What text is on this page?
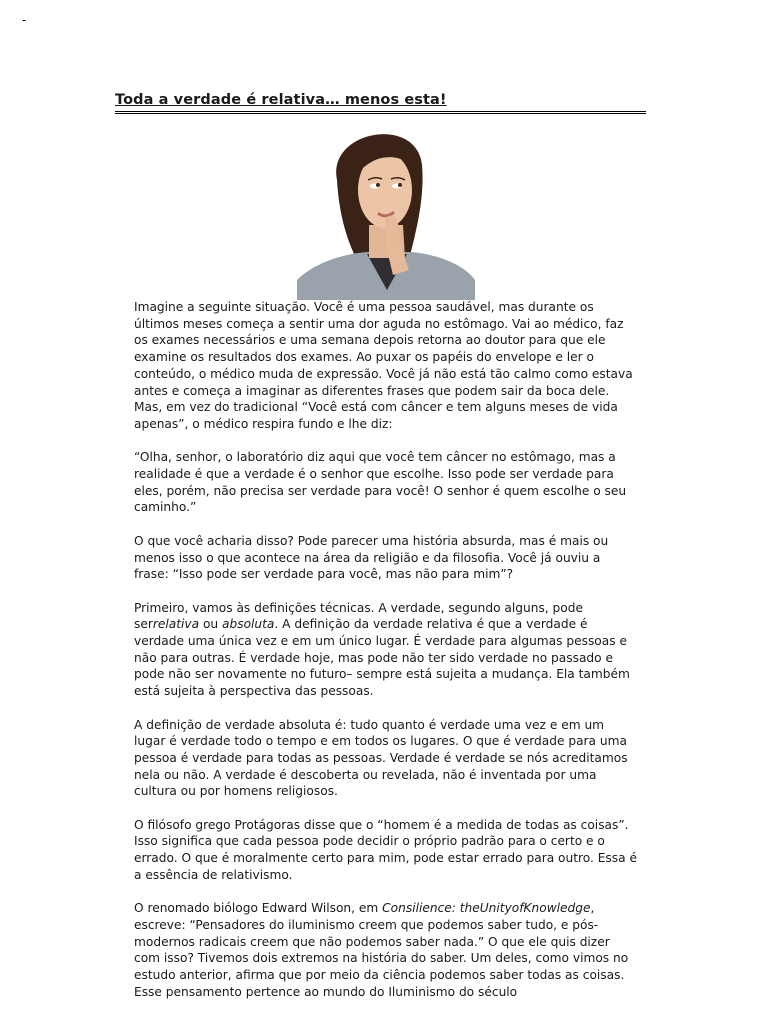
-
Toda a verdade é relativa… menos esta!

Imagine a seguinte situação. Você é uma pessoa saudável, mas durante os últimos meses começa a sentir uma dor aguda no estômago. Vai ao médico, faz os exames necessários e uma semana depois retorna ao doutor para que ele examine os resultados dos exames. Ao puxar os papéis do envelope e ler o conteúdo, o médico muda de expressão. Você já não está tão calmo como estava antes e começa a imaginar as diferentes frases que podem sair da boca dele. Mas, em vez do tradicional “Você está com câncer e tem alguns meses de vida apenas”, o médico respira fundo e lhe diz:

“Olha, senhor, o laboratório diz aqui que você tem câncer no estômago, mas a realidade é que a verdade é o senhor que escolhe. Isso pode ser verdade para eles, porém, não precisa ser verdade para você! O senhor é quem escolhe o seu caminho.”

O que você acharia disso? Pode parecer uma história absurda, mas é mais ou menos isso o que acontece na área da religião e da filosofia. Você já ouviu a frase: “Isso pode ser verdade para você, mas não para mim”?

Primeiro, vamos às definições técnicas. A verdade, segundo alguns, pode serrelativa ou absoluta. A definição da verdade relativa é que a verdade é verdade uma única vez e em um único lugar. É verdade para algumas pessoas e não para outras. É verdade hoje, mas pode não ter sido verdade no passado e pode não ser novamente no futuro– sempre está sujeita a mudança. Ela também está sujeita à perspectiva das pessoas.

A definição de verdade absoluta é: tudo quanto é verdade uma vez e em um lugar é verdade todo o tempo e em todos os lugares. O que é verdade para uma pessoa é verdade para todas as pessoas. Verdade é verdade se nós acreditamos nela ou não. A verdade é descoberta ou revelada, não é inventada por uma cultura ou por homens religiosos.

O filósofo grego Protágoras disse que o “homem é a medida de todas as coisas”. Isso significa que cada pessoa pode decidir o próprio padrão para o certo e o errado. O que é moralmente certo para mim, pode estar errado para outro. Essa é a essência de relativismo.

O renomado biólogo Edward Wilson, em Consilience: theUnityofKnowledge, escreve: “Pensadores do iluminismo creem que podemos saber tudo, e pós-modernos radicais creem que não podemos saber nada.” O que ele quis dizer com isso? Tivemos dois extremos na história do saber. Um deles, como vimos no estudo anterior, afirma que por meio da ciência podemos saber todas as coisas. Esse pensamento pertence ao mundo do Iluminismo do século
